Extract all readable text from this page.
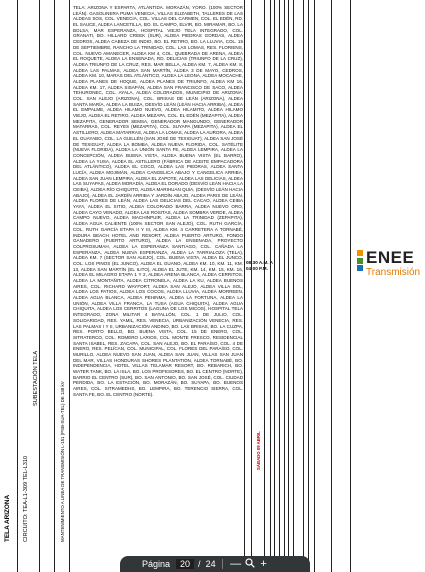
TELA ARIZONA CIRCUITO: TEA-L1-309 TEL-L310
SUBESTACIÓN TELA
MANTENIMIENTO A LINEA DE TRANSMISIÓN L-151 (PSB-SUA-TEL) DE 138 kV
TELA: ARIZONA Y ESPARTA, ATLÁNTIDA. MORAZÁN, YORO. (100% SECTOR LEÁN). GASOLINERA PUMA VENECIA, VILLAS ELIZABETH, TALLERES DE LAS ALDEAS SOS, COL. VENECIA, COL. VILLAS DEL CARMEN, COL. EL EDÉN, RD. EL SAUCE, ALDEA LANCETILLA, BO. EL CAMPO, ELVIR, BO. MIRAMAR, BO. LA BOLSA, MAR ESPERANZA, HOSPITAL VIEJO TELA INTEGRADO, COL. GRANATI, BO. HILLARD CREEK (SUR), ALDEA PIEDRAS GORDAS, ALDEA CEDROS, ALDEA CABEZA DE INDIO, BO. EL RETIRO, BO. LA LLUVIA, COL. 15 DE SEPTIEMBRE, RANCHO LA TRINIDAD, COL. LAS LOMAS, RES. FLORIENS, COL. NUEVO AMANECER, ALDEA KM 4, COL. QUEBRADA DE ARENA, ALDEA EL ROQUETE, ALDEA LA ENSENADA, RD. DELICIAS (TRIUNFO DE LA CRUZ), ALDEA TRIUNFO DE LA CRUZ, RES. MAR BELLA, ALDEA KM. 7, ALDEA KM. 8, ALDEA LAS PALMAS, ALDEA SAN MARTÍN, ALDEA 3 DE MAYO, CEDROS, ALDEA KM. 10, MARAS DEL ATLÁNTICO, ALDEA LA LEONA, ALDEA MOCACHE, ALDEA PLANES DE HOQUE, ALDEA PLANES DE TRIUNFO, ALDEA KM 16, ALDEA KM. 17, ALDEA SISAPÁN, ALDEA SAN FRANCISCO DE SACO, ALDEA TEHURONEC, COL. AYALA, ALDEA COLORADOS, MUNICIPIO DE ARIZONA: COL. SAN ALEJO (ARIZONA), COL. BRISAS DE LEÁN (ARIZONA), ALDEA SANTA MARÍA, ALDEA LA BUIZA, DESVÍO LEÁN (LEÁN HACIA ARRIBA), ALDEA EL EMPALME, ALDEA HILAMO NUEVO, ALDEA HILAMITO, ALDEA HILAMO VIEJO, ALDEA EL RETIRO, ALDEA MEZAPA, COL. EL EDÉN (MEZAPITA), ALDEA MEZAPITA, GENERADOR SEMSA, GENERADOR MANGUNDO, GENERADOR MATARRAS, COL. REYES (MEZAPITA), COL. SUYAPA (MEZAPITA), ALDEA EL ASTILLERO, ALDEA MATARRAS, ALDEA LA LOMAS, ALDEA LA AURORA, ALDEA EL GUAYABO, COL. LA GUILLÉN (SAN JOSÉ DE TEXIGUAT), ALDEA SAN JOSÉ DE TEXIGUAT, ALDEA LA BOMBA, ALDEA NUEVA FLORIDA, COL. SATÉLITE (NUEVA FLORIDA), ALDEA LA UNIÓN SANTA FE, ALDEA LEMPIRA, ALDEA LA CONCEPCIÓN, ALDEA BUENA VISTA, ALDEA BUENA VISTA (EL BARRO), ALDEA LA YUSA, ALDEA EL ASTILLERO (FÁBRICA DE ACEITE EMPACADORA DEL ATLÁNTICO), ALDEA EL COCO, ALDEA LAS PIEDRAS, ALDEA SANTA LUCÍA, ALDEA MOJIMÁN, ALDEA CANGELICA ABAJO Y CANGELICA ARRIBA, ALDEA SAN JUAN LEMPIRA, ALDEA EL ZAPOTE, ALDEA LAS DELICIAS, ALDEA LAS SUYAPAS, ALDEA MORADÍA, ALDEA EL DORADO (DESVÍO LEÁN HACIA LA CEIBA), ALDEA RÍO CHIQUITO, ALDEA MARIHUAN QUIA, (DESVÍO LEÁN HACIA ABAJO), ALDEA EL JARDÍN ARRIBA Y JARDÍN ABAJO, ALDEA PARIS DE LEÁN, ALDEA FLORES DE LEÁN, ALDEA LAS DELICIAS DEL CACAO, ALDEA CEIBA YAYA, ALDEA EL SITIO, ALDEA COLORADO BARRA, ALDEA NUEVO ORO, ALDEA CAYO VENADO, ALDEA LAS ROSITAS, ALDEA SOMBRA VERDE, ALDEA CAMPO NUEVO, ALDEA MACHINPUIR, ALDEA LA TRINIDAD (ZEPAPITA), ALDEA AGUA CALIENTE (100% SECTOR SAN ALEJO), COL. RUTH GARCÍA, COL. RUTH GARCÍA ETAPA II Y III, ALDEA KM. 4 CARRETERA A TORNABÉ, INDURA BEACH HOTEL AND RESORT, ALDEA PUERTO ARTURO, FONDO GANADERO (PUERTO ARTURO), ALDEA LA ENSENADA, PROYECTO COLPROSUMAH, ALDEA LA ESPERANZA SANTIAGO, COL. CAÑADA LA ESPERANZA, ALDEA NUEVA ESPERANZA, ALDEA LA TARRIALOZA (TELA), ALDEA KM. 7 (SECTOR SAN ALEJO), COL. BUENA VISTA, ALDEA EL JUNCO, COL. LOS PINOS (EL JUNCO), ALDEA EL GUANO, ALDEA KM. 10, KM. 11, KM. 13, ALDEA SAN MARTÍN (EL ILITO), ALDEA EL JUTE, KM. 14, KM. 15, KM. 16, ALDEA EL MILAGRO ETAPA 1 Y 2, ALDEA ARENA BLANCA, ALDEA CERRITOS, ALDEA LA MONTAÑITA, ALDEA CITRONELA, ALDEA LA KU, ALDEA BUENOS AIRES, COL. RICHARD WAYFORT, ALDEA SAN ALEJO, ALDEA VILLA SOL, ALDEA LOS PATIOS, ALDEA LOS COCOS, ALDEA LLUVIA, ALDEA MORREEN, ALDEA AGUA BLANCA, ALDEA PEHINMA, ALDEA LA FORTUNA, ALDEA LA UNIÓN, ALDEA VILLA FRANCA, LA TUSA (AGUA CHIQUITA), ALDEA AGUA CHIQUITA, ALDEA LOS CERRITOS (LAGUNA DE LOS MICOS), HOSPITAL TELA INTEGRADO, ZONA MILITAR 4 BATALLÓN, COL. 1 DE JULIO, COL. SOLIDARIDAD, RES. YAMIL, RES. VENECIA, URBANIZACIÓN VENECIA, RES. LAS PALMAS I Y II, URBANIZACIÓN ANDINO, BO. LAS BRISAS, BO. LA CUZPA, RES. PORTO BELLO, BO. BUENA VISTA, COL. 15 DE ENERO, COL. SITRATERCO, COL. ROMERO LARIOS, COL. MONTE FRESCO, RESIDENCIAL SANTA ISABEL, RES. ZACAPA, COL. SAN ALEJO, BO. EL PARAÍSO, COL. 4 DE ENERO, RES. PELÍCAN, COL. MUNICIPAL, COL. FLORES DEL PARAÍSO, COL. MURILLO, ALDEA NUEVO SAN JUAN, ALDEA SAN JUAN, VILLAS SAN JUAN DEL MAR, VILLAS HONDURAS SHORES PLANTATION, ALDEA TORNABÉ, BO. INDEPENDENCIA, HOTEL VILLAS TELAMAR RESORT, BO. REBARICH, BO. WATER TANK, BO. LA ISLA, BO. LOS PROFESORES, BO. EL CENTRO (NORTE), BARRIO EL CENTRO (SUR), BO. SAN ANTONIO, BO. SAN JOSÉ, COL. CIUDAD PERDIDA, BO. LA ESTACIÓN, BO. MORAZÁN, BO. SUYAPA, BO. BUENOS AIRES, COL. SITRAMEDHS, BO. LEMPIRA, BO. TERENCIO SIERRA, COL. SANTA FE, BO. EL CENTRO (NORTE).
08:30 A.M. A
04:00 P.M.
SÁBADO 09 ABRIL
ENEE
Transmisión
Página	20 / 24 —	+
